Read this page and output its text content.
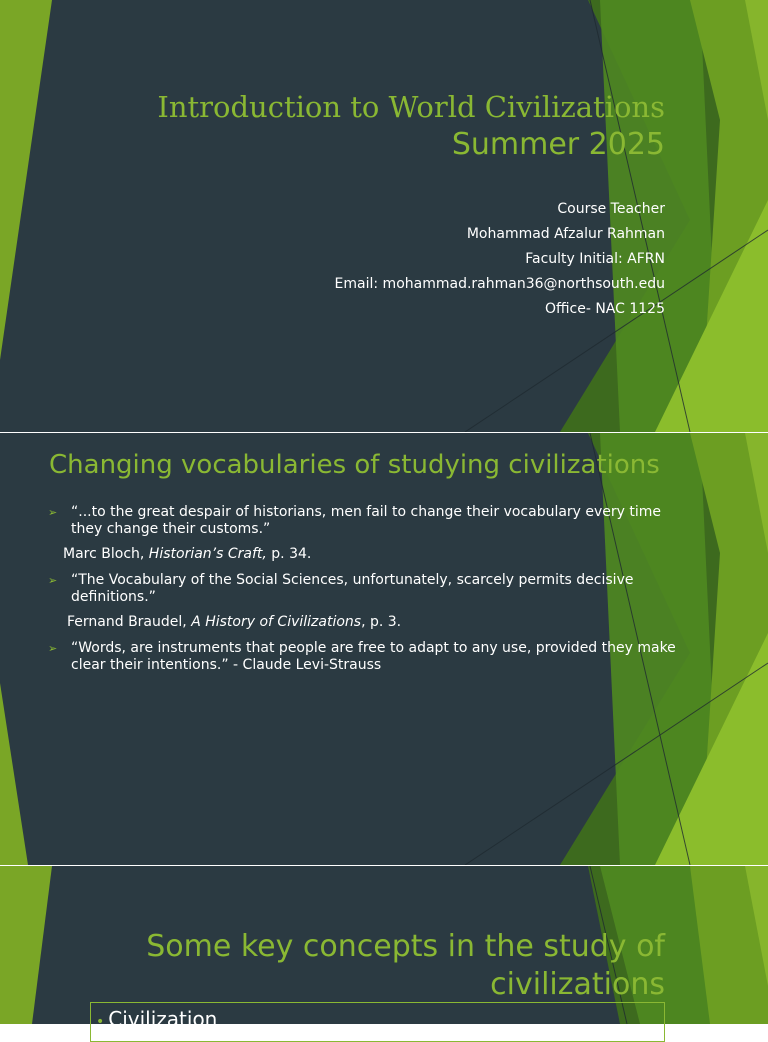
Introduction to World Civilizations
Summer 2025
Course Teacher
Mohammad Afzalur Rahman
Faculty Initial: AFRN
Email: mohammad.rahman36@northsouth.edu
Office- NAC 1125
Changing vocabularies of studying civilizations
➢ “...to the great despair of historians, men fail to change their vocabulary every time they change their customs.”
Marc Bloch, Historian’s Craft, p. 34.
➢ “The Vocabulary of the Social Sciences, unfortunately, scarcely permits decisive definitions.”
Fernand Braudel, A History of Civilizations, p. 3.
➢ “Words, are instruments that people are free to adapt to any use, provided they make clear their intentions.” - Claude Levi-Strauss
Some key concepts in the study of
civilizations
• Civilization
